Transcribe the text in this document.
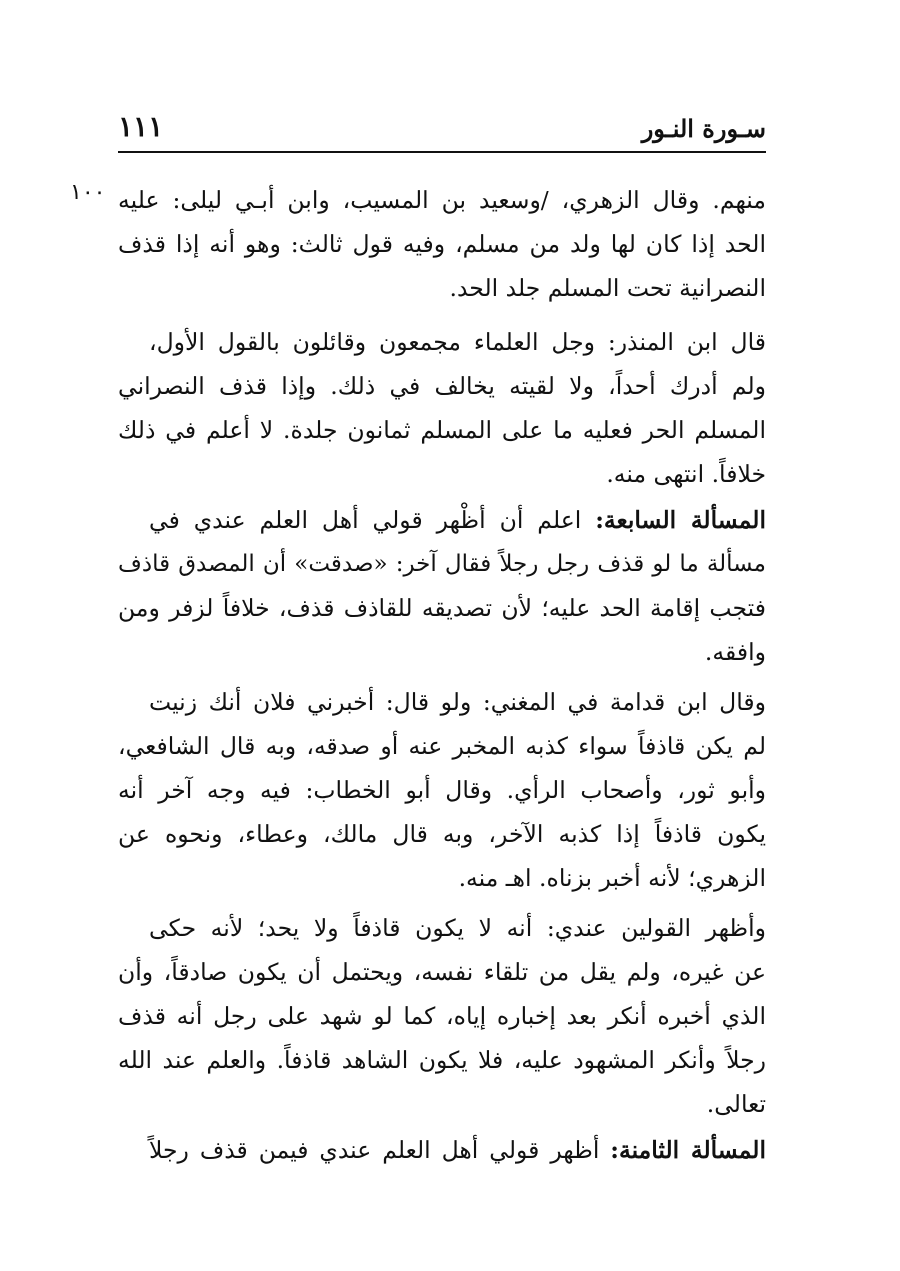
سـورة النـور
١١١
١٠٠ منهم. وقال الزهري، /وسعيد بن المسيب، وابن أبـي ليلى: عليه
الحد إذا كان لها ولد من مسلم، وفيه قول ثالث: وهو أنه إذا قذف
النصرانية تحت المسلم جلد الحد.
قال ابن المنذر: وجل العلماء مجمعون وقائلون بالقول الأول،
ولم أدرك أحداً، ولا لقيته يخالف في ذلك. وإذا قذف النصراني
المسلم الحر فعليه ما على المسلم ثمانون جلدة. لا أعلم في ذلك
خلافاً. انتهى منه.
المسألة السابعة: اعلم أن أظْهر قولي أهل العلم عندي في
مسألة ما لو قذف رجل رجلاً فقال آخر: «صدقت» أن المصدق قاذف
فتجب إقامة الحد عليه؛ لأن تصديقه للقاذف قذف، خلافاً لزفر ومن
وافقه.
وقال ابن قدامة في المغني: ولو قال: أخبرني فلان أنك زنيت
لم يكن قاذفاً سواء كذبه المخبر عنه أو صدقه، وبه قال الشافعي،
وأبو ثور، وأصحاب الرأي. وقال أبو الخطاب: فيه وجه آخر أنه
يكون قاذفاً إذا كذبه الآخر، وبه قال مالك، وعطاء، ونحوه عن
الزهري؛ لأنه أخبر بزناه. اهـ منه.
وأظهر القولين عندي: أنه لا يكون قاذفاً ولا يحد؛ لأنه حكى
عن غيره، ولم يقل من تلقاء نفسه، ويحتمل أن يكون صادقاً، وأن
الذي أخبره أنكر بعد إخباره إياه، كما لو شهد على رجل أنه قذف
رجلاً وأنكر المشهود عليه، فلا يكون الشاهد قاذفاً. والعلم عند الله
تعالى.
المسألة الثامنة: أظهر قولي أهل العلم عندي فيمن قذف رجلاً
